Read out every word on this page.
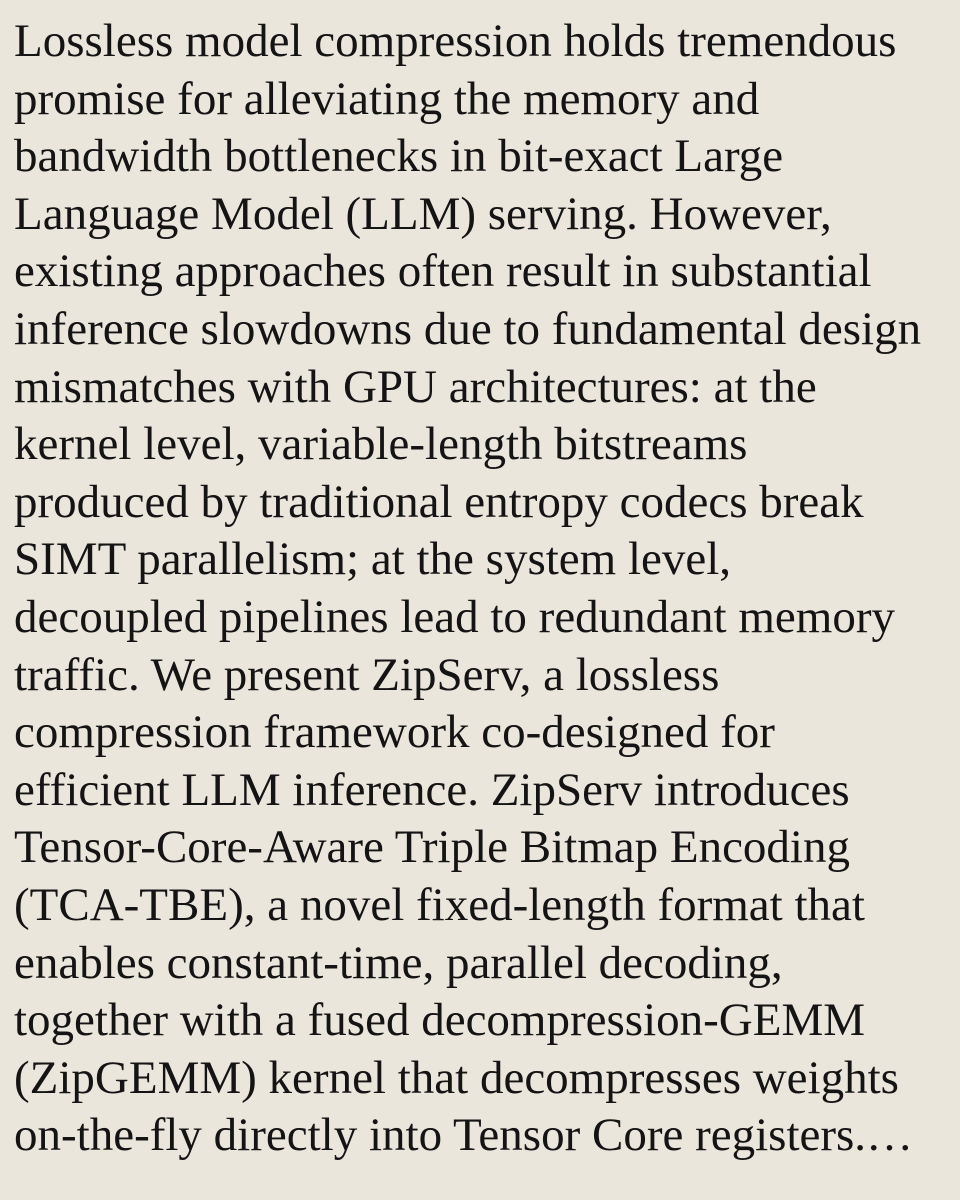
Lossless model compression holds tremendous
promise for alleviating the memory and
bandwidth bottlenecks in bit-exact Large
Language Model (LLM) serving. However,
existing approaches often result in substantial
inference slowdowns due to fundamental design
mismatches with GPU architectures: at the
kernel level, variable-length bitstreams
produced by traditional entropy codecs break
SIMT parallelism; at the system level,
decoupled pipelines lead to redundant memory
traffic. We present ZipServ, a lossless
compression framework co-designed for
efficient LLM inference. ZipServ introduces
Tensor-Core-Aware Triple Bitmap Encoding
(TCA-TBE), a novel fixed-length format that
enables constant-time, parallel decoding,
together with a fused decompression-GEMM
(ZipGEMM) kernel that decompresses weights
on-the-fly directly into Tensor Core registers.…
